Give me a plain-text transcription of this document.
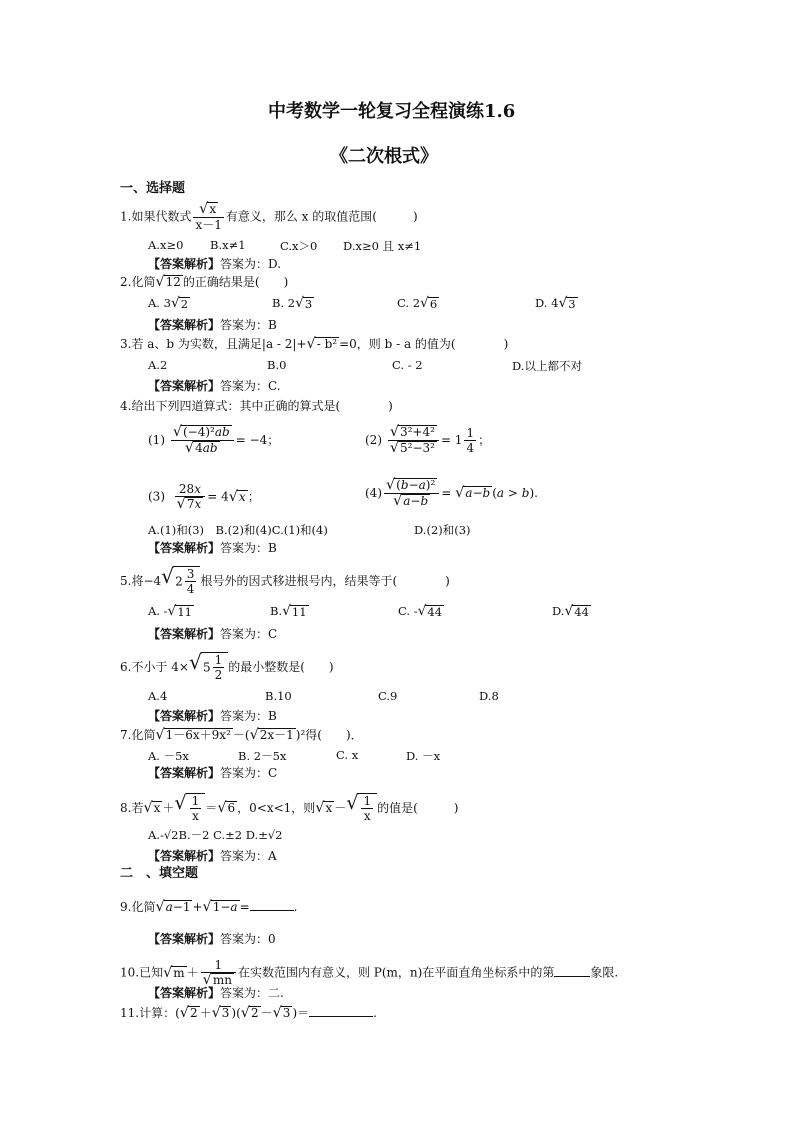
中考数学一轮复习全程演练1.6
《二次根式》
一、选择题
1.如果代数式 $\frac{√ x}{x-1}$ 有意义，那么 x 的取值范围(　　　)
A.x≥0 B.x≠1	C.x＞0 D.x≥0 且 x≠1
【答案解析】答案为：D.
2.化简 √ 12 的正确结果是(　　)
A. 3 √ 2	B. 2 √ 3	C. 2 √ 6	D. 4 √ 3
【答案解析】答案为：B
3.若 a、b 为实数，且满足|a - 2|+ √ - b² =0，则 b - a 的值为(　　　　)
A.2	B.0	C. - 2	D.以上都不对
【答案解析】答案为：C.
4.给出下列四道算式：其中正确的算式是(　　　　)
$(1) \frac{\text{√ (−4)²ab}}{√ 4ab} = -4$；	$(2) \frac{\text{√ 3²+4²}}{\text{√ 5²−3²}} = 1 \frac{1}{4}$ ；
$(3) \frac{28x}{√ 7x} = 4$ √ x ；	$(4) \frac{\text{√ (b−a)²}}{√ a-b}$ = √ a−b (a > b).
A.(1)和(3)　B.(2)和(4)C.(1)和(4)	D.(2)和(3)
【答案解析】答案为：B
5.将−4 √ $2 \frac{3}{4}$ 根号外的因式移进根号内，结果等于(　　　　)
A. - √ 11	B. √ 11	C. - √ 44	D. √ 44
【答案解析】答案为：C
6.不小于 4× √ $5 \frac{1}{2}$ 的最小整数是(　　)
A.4	B.10	C.9	D.8
【答案解析】答案为：B
7.化简 √ 1－6x＋9x² －( √ 2x－1 )²得(　　)．
A. －5x	B. 2－5x	C. x	D. －x
【答案解析】答案为：C
8.若 √ x ＋ √ $\frac{1}{x}$ ＝ √ 6 ，0<x<1，则 √ x － √ $\frac{1}{x}$ 的值是(　　　)
A.-√2B.－2 C.±2 D.±√2
【答案解析】答案为：A
二　、填空题
9.化简 √ a−1 + √ 1−a =	.
【答案解析】答案为：0
10.已知 √ $m + \frac{1}{√ mn}$ 在实数范围内有意义，则 P(m，n)在平面直角坐标系中的第	象限.
【答案解析】答案为：二.
11.计算：( √ 2 ＋ √ 3 )( √ 2 － √ 3 )＝	.
